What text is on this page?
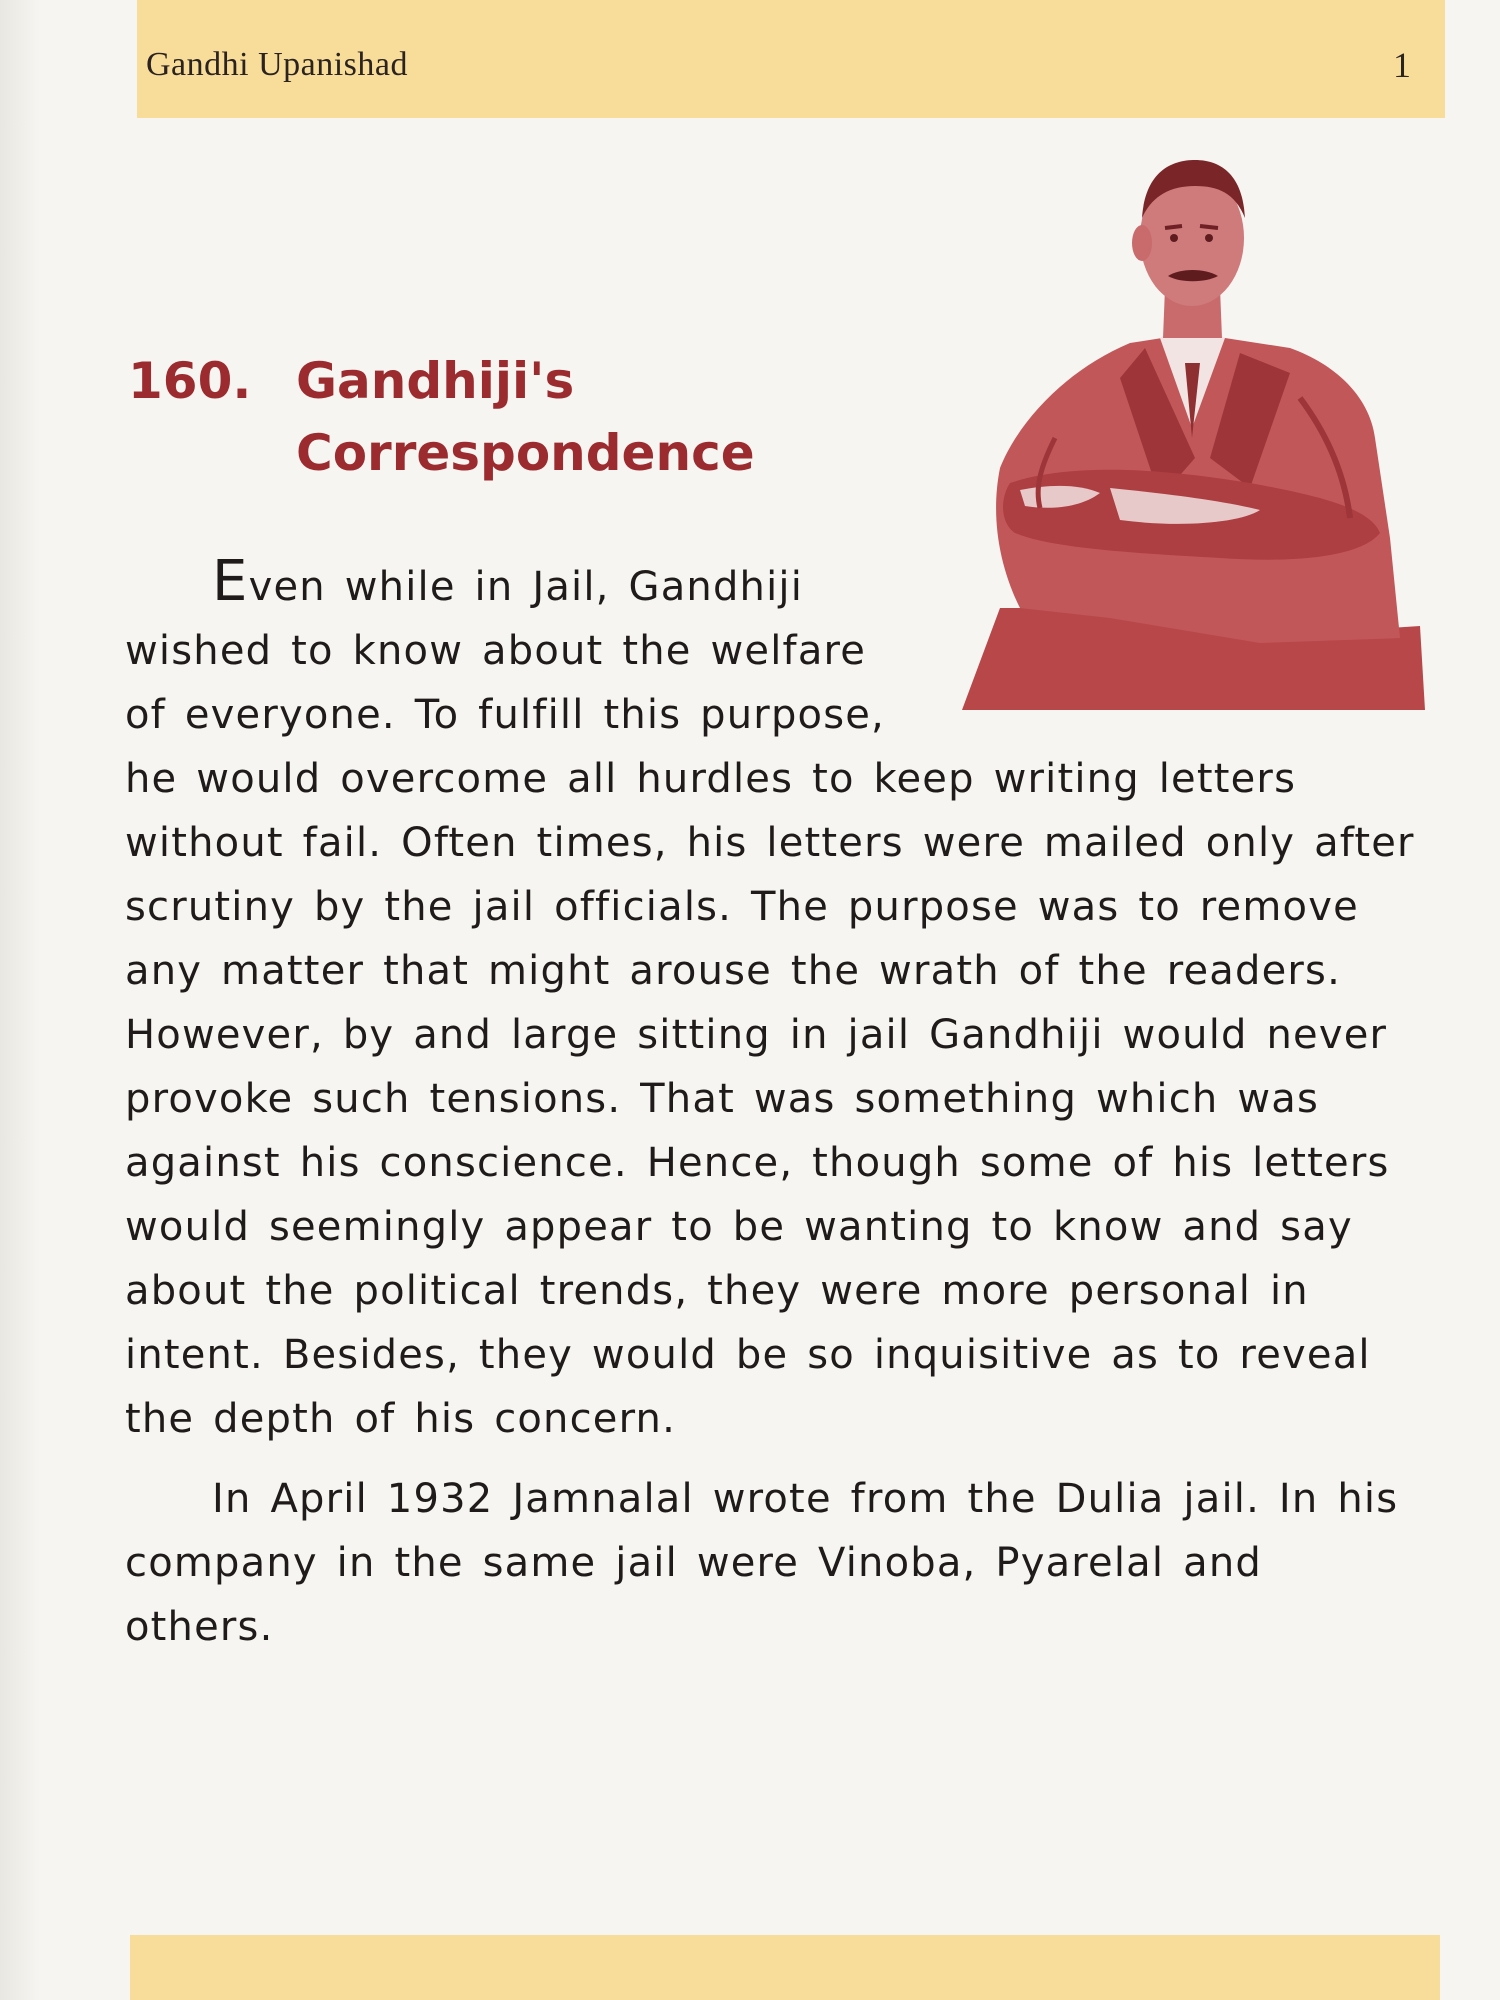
Gandhi Upanishad	1
160. Gandhiji's
Correspondence

Even while in Jail, Gandhiji wished to know about the welfare of everyone. To fulfill this purpose, he would overcome all hurdles to keep writing letters without fail. Often times, his letters were mailed only after scrutiny by the jail officials. The purpose was to remove any matter that might arouse the wrath of the readers. However, by and large sitting in jail Gandhiji would never provoke such tensions. That was something which was against his conscience. Hence, though some of his letters would seemingly appear to be wanting to know and say about the political trends, they were more personal in intent. Besides, they would be so inquisitive as to reveal the depth of his concern.

In April 1932 Jamnalal wrote from the Dulia jail. In his company in the same jail were Vinoba, Pyarelal and others.
